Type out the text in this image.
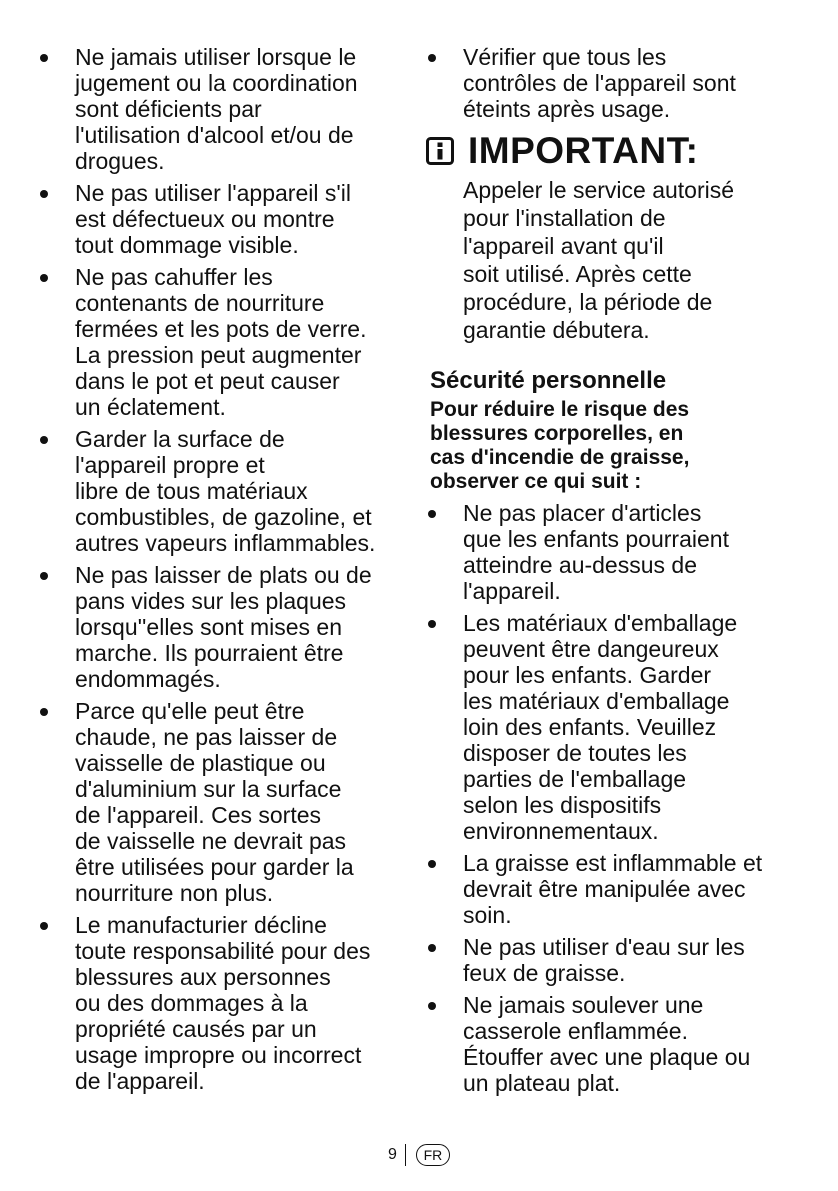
Ne jamais utiliser lorsque le
jugement ou la coordination
sont déficients par
l'utilisation d'alcool et/ou de
drogues.
Ne pas utiliser l'appareil s'il
est défectueux ou montre
tout dommage visible.
Ne pas cahuffer les
contenants de nourriture
fermées et les pots de verre.
La pression peut augmenter
dans le pot et peut causer
un éclatement.
Garder la surface de
l'appareil propre et
libre de tous matériaux
combustibles, de gazoline, et
autres vapeurs inflammables.
Ne pas laisser de plats ou de
pans vides sur les plaques
lorsqu''elles sont mises en
marche. Ils pourraient être
endommagés.
Parce qu'elle peut être
chaude, ne pas laisser de
vaisselle de plastique ou
d'aluminium sur la surface
de l'appareil. Ces sortes
de vaisselle ne devrait pas
être utilisées pour garder la
nourriture non plus.
Le manufacturier décline
toute responsabilité pour des
blessures aux personnes
ou des dommages à la
propriété causés par un
usage impropre ou incorrect
de l'appareil.
Vérifier que tous les
contrôles de l'appareil sont
éteints après usage.
IMPORTANT:
Appeler le service autorisé
pour l'installation de
l'appareil avant qu'il
soit utilisé. Après cette
procédure, la période de
garantie débutera.
Sécurité personnelle
Pour réduire le risque des
blessures corporelles, en
cas d'incendie de graisse,
observer ce qui suit :
Ne pas placer d'articles
que les enfants pourraient
atteindre au-dessus de
l'appareil.
Les matériaux d'emballage
peuvent être dangeureux
pour les enfants. Garder
les matériaux d'emballage
loin des enfants. Veuillez
disposer de toutes les
parties de l'emballage
selon les dispositifs
environnementaux.
La graisse est inflammable et
devrait être manipulée avec
soin.
Ne pas utiliser d'eau sur les
feux de graisse.
Ne jamais soulever une
casserole enflammée.
Étouffer avec une plaque ou
un plateau plat.
9	FR
